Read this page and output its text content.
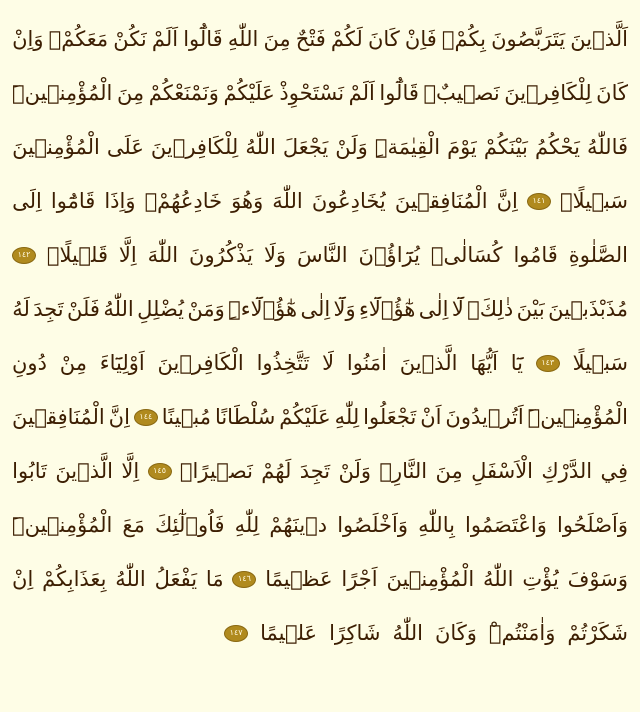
اَلَّذ۪ينَ
يَتَرَبَّصُونَ
بِكُمْۚ
فَاِنْ
كَانَ
لَكُمْ
فَتْحٌ
مِنَ
اللّٰهِ
قَالُٓوا
اَلَمْ
نَكُنْ
مَعَكُمْۘ
وَاِنْ
كَانَ
لِلْكَافِر۪ينَ
نَص۪يبٌۙ
قَالُٓوا
اَلَمْ
نَسْتَحْوِذْ
عَلَيْكُمْ
وَنَمْنَعْكُمْ
مِنَ
الْمُؤْمِن۪ينَۜ
فَاللّٰهُ
يَحْكُمُ
بَيْنَكُمْ
يَوْمَ
الْقِيٰمَةِۜ
وَلَنْ
يَجْعَلَ
اللّٰهُ
لِلْكَافِر۪ينَ
عَلَى
الْمُؤْمِن۪ينَ
سَب۪يلًا۟
١٤١
اِنَّ
الْمُنَافِق۪ينَ
يُخَادِعُونَ
اللّٰهَ
وَهُوَ
خَادِعُهُمْۚ
وَاِذَا
قَامُٓوا
اِلَى
الصَّلٰوةِ
قَامُوا
كُسَالٰىۙ
يُرَٓاؤُ۫نَ
النَّاسَ
وَلَا
يَذْكُرُونَ
اللّٰهَ
اِلَّا
قَل۪يلًا۟
١٤٢
مُذَبْذَب۪ينَ
بَيْنَ
ذٰلِكَۗ
لَٓا
اِلٰى
هٰٓؤُ۬لَٓاءِ
وَلَٓا
اِلٰى
هٰٓؤُ۬لَٓاءِۜ
وَمَنْ
يُضْلِلِ
اللّٰهُ
فَلَنْ
تَجِدَ
لَهُ
سَب۪يلًا
١٤٣
يَٓا
اَيُّهَا
الَّذ۪ينَ
اٰمَنُوا
لَا
تَتَّخِذُوا
الْكَافِر۪ينَ
اَوْلِيَٓاءَ
مِنْ
دُونِ
الْمُؤْمِن۪ينَۜ
اَتُر۪يدُونَ
اَنْ
تَجْعَلُوا
لِلّٰهِ
عَلَيْكُمْ
سُلْطَانًا
مُب۪ينًا
١٤٤
اِنَّ
الْمُنَافِق۪ينَ
فِي
الدَّرْكِ
الْاَسْفَلِ
مِنَ
النَّارِۚ
وَلَنْ
تَجِدَ
لَهُمْ
نَص۪يرًاۙ
١٤٥
اِلَّا
الَّذ۪ينَ
تَابُوا
وَاَصْلَحُوا
وَاعْتَصَمُوا
بِاللّٰهِ
وَاَخْلَصُوا
د۪ينَهُمْ
لِلّٰهِ
فَاُو۬لٰٓئِكَ
مَعَ
الْمُؤْمِن۪ينَۜ
وَسَوْفَ
يُؤْتِ
اللّٰهُ
الْمُؤْمِن۪ينَ
اَجْرًا
عَظ۪يمًا
١٤٦
مَا
يَفْعَلُ
اللّٰهُ
بِعَذَابِكُمْ
اِنْ
شَكَرْتُمْ
وَاٰمَنْتُمْۜ
وَكَانَ
اللّٰهُ
شَاكِرًا
عَل۪يمًا
١٤٧
